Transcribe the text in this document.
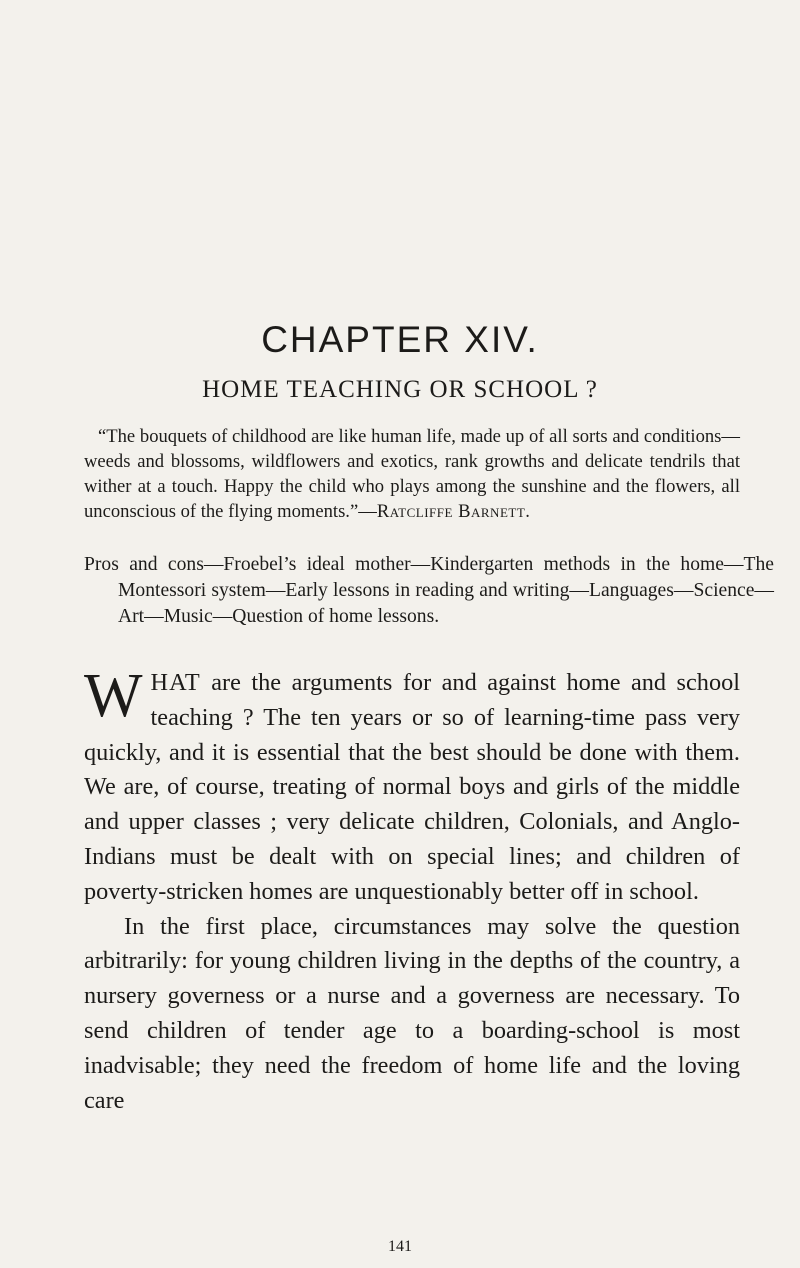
CHAPTER XIV.
HOME TEACHING OR SCHOOL ?

“The bouquets of childhood are like human life, made up of all sorts and conditions—weeds and blossoms, wildflowers and exotics, rank growths and delicate tendrils that wither at a touch. Happy the child who plays among the sunshine and the flowers, all unconscious of the flying moments.”—Ratcliffe Barnett.

Pros and cons—Froebel’s ideal mother—Kindergarten methods in the home—The Montessori system—Early lessons in reading and writing—Languages—Science—Art—Music—Question of home lessons.

WHAT are the arguments for and against home and school teaching ? The ten years or so of learning-time pass very quickly, and it is essential that the best should be done with them. We are, of course, treating of normal boys and girls of the middle and upper classes ; very delicate children, Colonials, and Anglo-Indians must be dealt with on special lines; and children of poverty-stricken homes are unquestionably better off in school.

In the first place, circumstances may solve the question arbitrarily: for young children living in the depths of the country, a nursery governess or a nurse and a governess are necessary. To send children of tender age to a boarding-school is most inadvisable; they need the freedom of home life and the loving care

141
